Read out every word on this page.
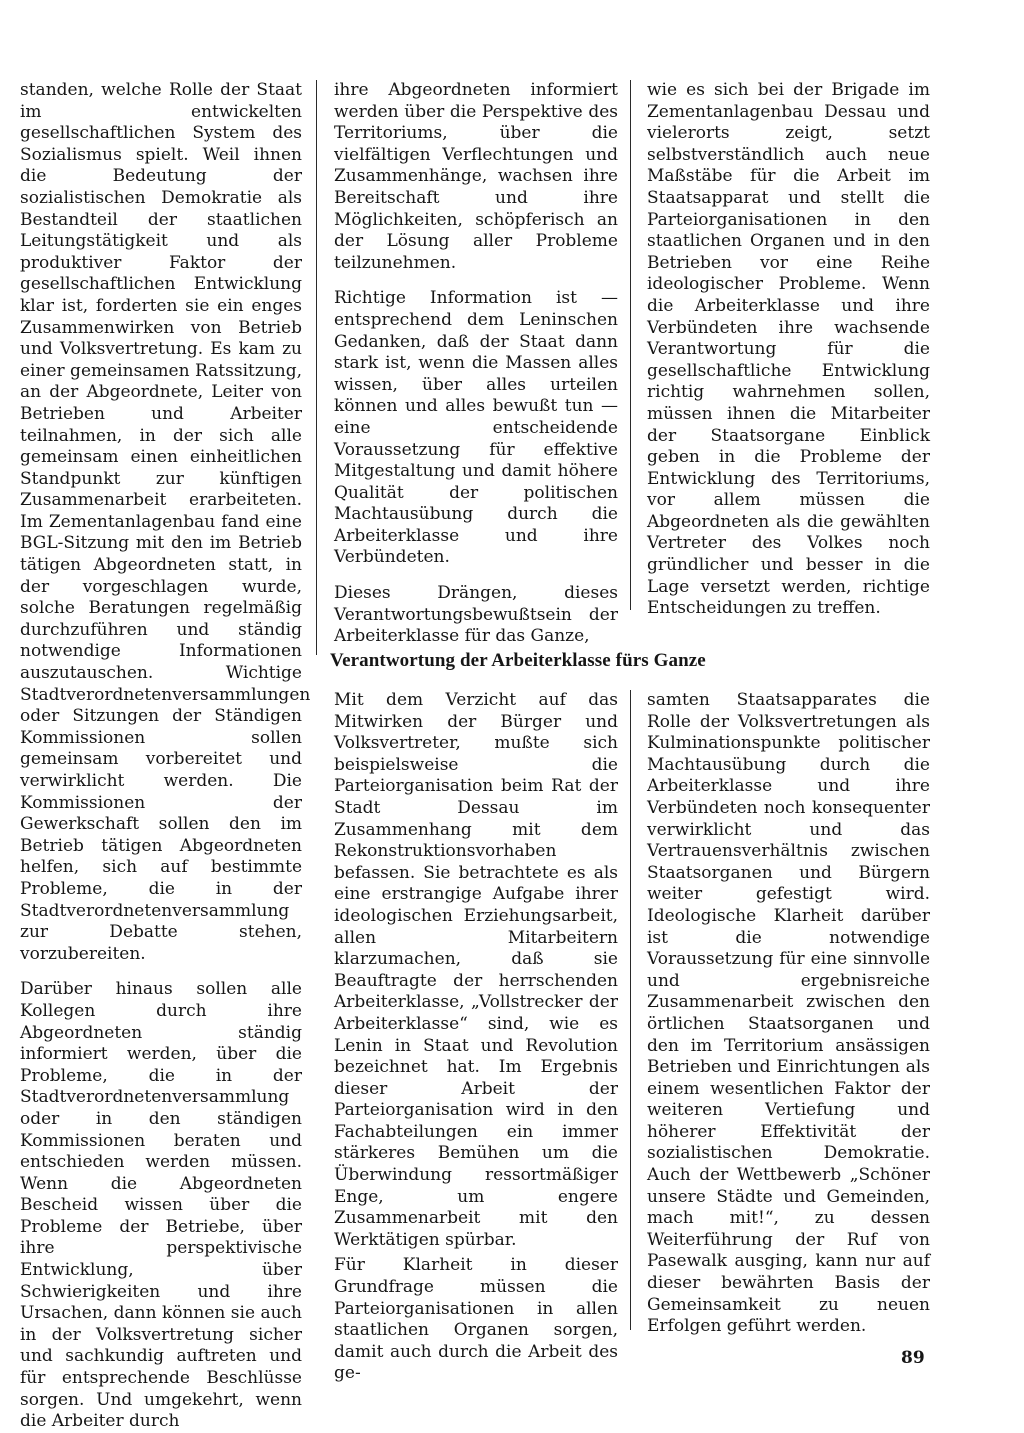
standen, welche Rolle der Staat im entwickelten gesellschaftlichen System des Sozialismus spielt. Weil ihnen die Bedeutung der sozialistischen Demokratie als Bestandteil der staatlichen Leitungstätigkeit und als produktiver Faktor der gesellschaftlichen Entwicklung klar ist, forderten sie ein enges Zusammenwirken von Betrieb und Volksvertretung. Es kam zu einer gemeinsamen Ratssitzung, an der Abgeordnete, Leiter von Betrieben und Arbeiter teilnahmen, in der sich alle gemeinsam einen einheitlichen Standpunkt zur künftigen Zusammenarbeit erarbeiteten. Im Zementanlagenbau fand eine BGL-Sitzung mit den im Betrieb tätigen Abgeordneten statt, in der vorgeschlagen wurde, solche Beratungen regelmäßig durchzuführen und ständig notwendige Informationen auszutauschen. Wichtige Stadtverordnetenversammlungen oder Sitzungen der Ständigen Kommissionen sollen gemeinsam vorbereitet und verwirklicht werden. Die Kommissionen der Gewerkschaft sollen den im Betrieb tätigen Abgeordneten helfen, sich auf bestimmte Probleme, die in der Stadtverordnetenversammlung zur Debatte stehen, vorzubereiten.

Darüber hinaus sollen alle Kollegen durch ihre Abgeordneten ständig informiert werden, über die Probleme, die in der Stadtverordnetenversammlung oder in den ständigen Kommissionen beraten und entschieden werden müssen. Wenn die Abgeordneten Bescheid wissen über die Probleme der Betriebe, über ihre perspektivische Entwicklung, über Schwierigkeiten und ihre Ursachen, dann können sie auch in der Volksvertretung sicher und sachkundig auftreten und für entsprechende Beschlüsse sorgen. Und umgekehrt, wenn die Arbeiter durch

ihre Abgeordneten informiert werden über die Perspektive des Territoriums, über die vielfältigen Verflechtungen und Zusammenhänge, wachsen ihre Bereitschaft und ihre Möglichkeiten, schöpferisch an der Lösung aller Probleme teilzunehmen.

Richtige Information ist — entsprechend dem Leninschen Gedanken, daß der Staat dann stark ist, wenn die Massen alles wissen, über alles urteilen können und alles bewußt tun — eine entscheidende Voraussetzung für effektive Mitgestaltung und damit höhere Qualität der politischen Machtausübung durch die Arbeiterklasse und ihre Verbündeten.

Dieses Drängen, dieses Verantwortungsbewußtsein der Arbeiterklasse für das Ganze,

wie es sich bei der Brigade im Zementanlagenbau Dessau und vielerorts zeigt, setzt selbstverständlich auch neue Maßstäbe für die Arbeit im Staatsapparat und stellt die Parteiorganisationen in den staatlichen Organen und in den Betrieben vor eine Reihe ideologischer Probleme. Wenn die Arbeiterklasse und ihre Verbündeten ihre wachsende Verantwortung für die gesellschaftliche Entwicklung richtig wahrnehmen sollen, müssen ihnen die Mitarbeiter der Staatsorgane Einblick geben in die Probleme der Entwicklung des Territoriums, vor allem müssen die Abgeordneten als die gewählten Vertreter des Volkes noch gründlicher und besser in die Lage versetzt werden, richtige Entscheidungen zu treffen.

Verantwortung der Arbeiterklasse fürs Ganze

Mit dem Verzicht auf das Mitwirken der Bürger und Volksvertreter, mußte sich beispielsweise die Parteiorganisation beim Rat der Stadt Dessau im Zusammenhang mit dem Rekonstruktionsvorhaben befassen. Sie betrachtete es als eine erstrangige Aufgabe ihrer ideologischen Erziehungsarbeit, allen Mitarbeitern klarzumachen, daß sie Beauftragte der herrschenden Arbeiterklasse, „Vollstrecker der Arbeiterklasse“ sind, wie es Lenin in Staat und Revolution bezeichnet hat. Im Ergebnis dieser Arbeit der Parteiorganisation wird in den Fachabteilungen ein immer stärkeres Bemühen um die Überwindung ressortmäßiger Enge, um engere Zusammenarbeit mit den Werktätigen spürbar.

Für Klarheit in dieser Grundfrage müssen die Parteiorganisationen in allen staatlichen Organen sorgen, damit auch durch die Arbeit des ge-

samten Staatsapparates die Rolle der Volksvertretungen als Kulminationspunkte politischer Machtausübung durch die Arbeiterklasse und ihre Verbündeten noch konsequenter verwirklicht und das Vertrauensverhältnis zwischen Staatsorganen und Bürgern weiter gefestigt wird. Ideologische Klarheit darüber ist die notwendige Voraussetzung für eine sinnvolle und ergebnisreiche Zusammenarbeit zwischen den örtlichen Staatsorganen und den im Territorium ansässigen Betrieben und Einrichtungen als einem wesentlichen Faktor der weiteren Vertiefung und höherer Effektivität der sozialistischen Demokratie. Auch der Wettbewerb „Schöner unsere Städte und Gemeinden, mach mit!“, zu dessen Weiterführung der Ruf von Pasewalk ausging, kann nur auf dieser bewährten Basis der Gemeinsamkeit zu neuen Erfolgen geführt werden.

89
